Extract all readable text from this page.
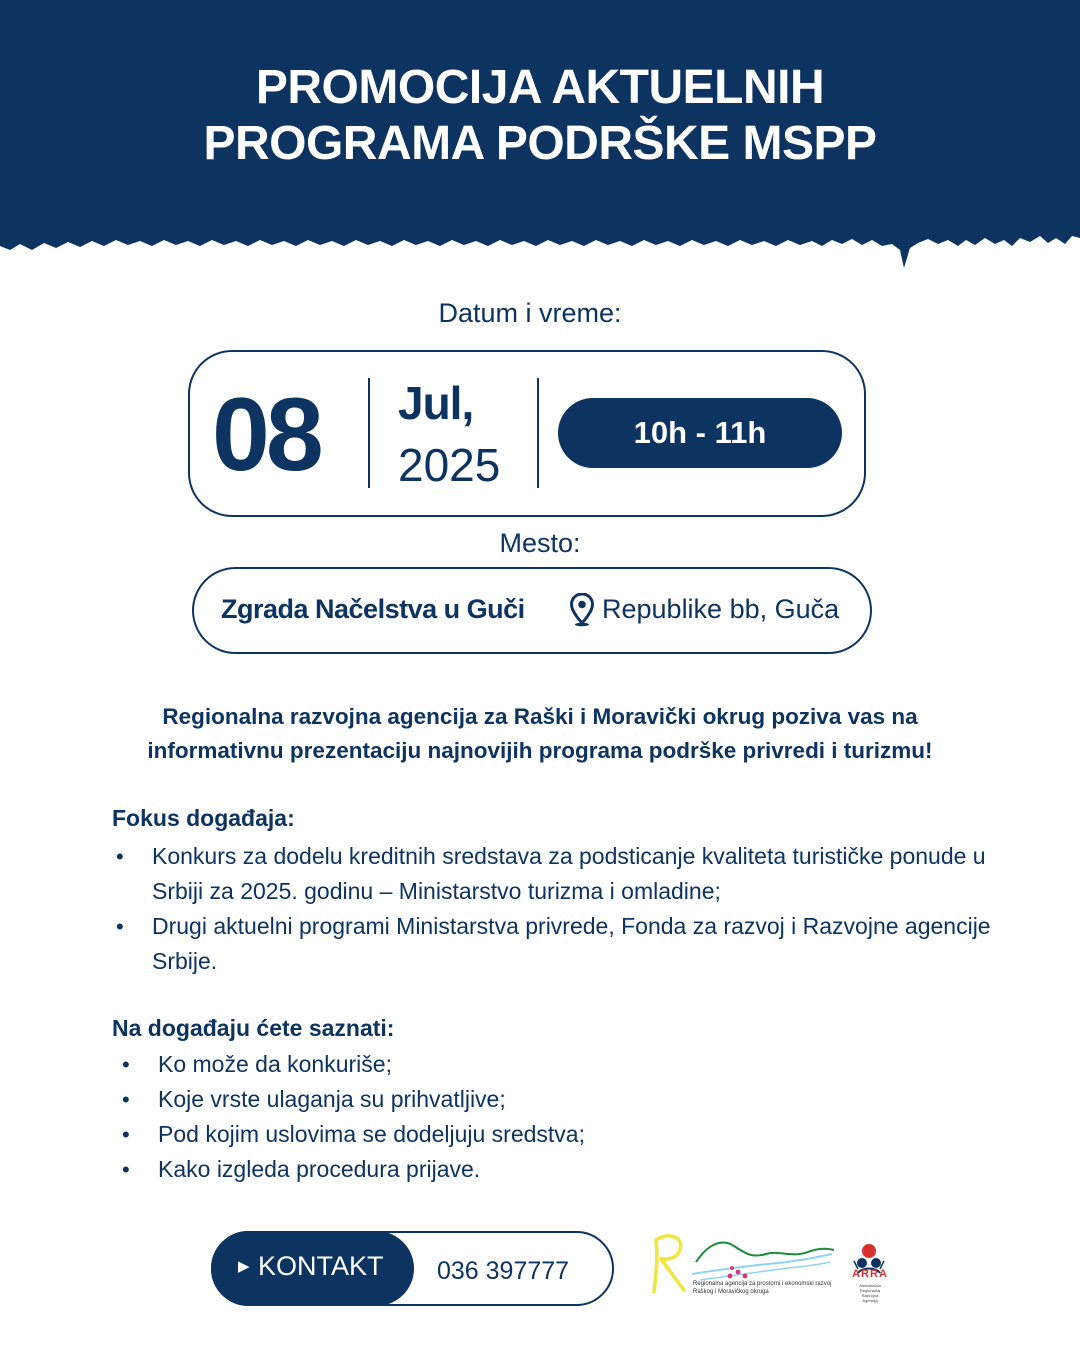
PROMOCIJA AKTUELNIH
PROGRAMA PODRŠKE MSPP
Datum i vreme:
08 Jul,
2025
10h - 11h
Mesto:
Zgrada Načelstva u Guči	Republike bb, Guča
Regionalna razvojna agencija za Raški i Moravički okrug poziva vas na
informativnu prezentaciju najnovijih programa podrške privredi i turizmu!
Fokus događaja:
• Konkurs za dodelu kreditnih sredstava za podsticanje kvaliteta turističke ponude u Srbiji za 2025. godinu – Ministarstvo turizma i omladine;
• Drugi aktuelni programi Ministarstva privrede, Fonda za razvoj i Razvojne agencije Srbije.
Na događaju ćete saznati:
• Ko može da konkuriše;
• Koje vrste ulaganja su prihvatljive;
• Pod kojim uslovima se dodeljuju sredstva;
• Kako izgleda procedura prijave.
▶ KONTAKT 036 397777	Regionalna agencija za prostorni i ekonomski razvoj
Raškog i Moravičkog okruga
ARRA
Aleksinačka
Regionalna
Razvojna
Agencija
